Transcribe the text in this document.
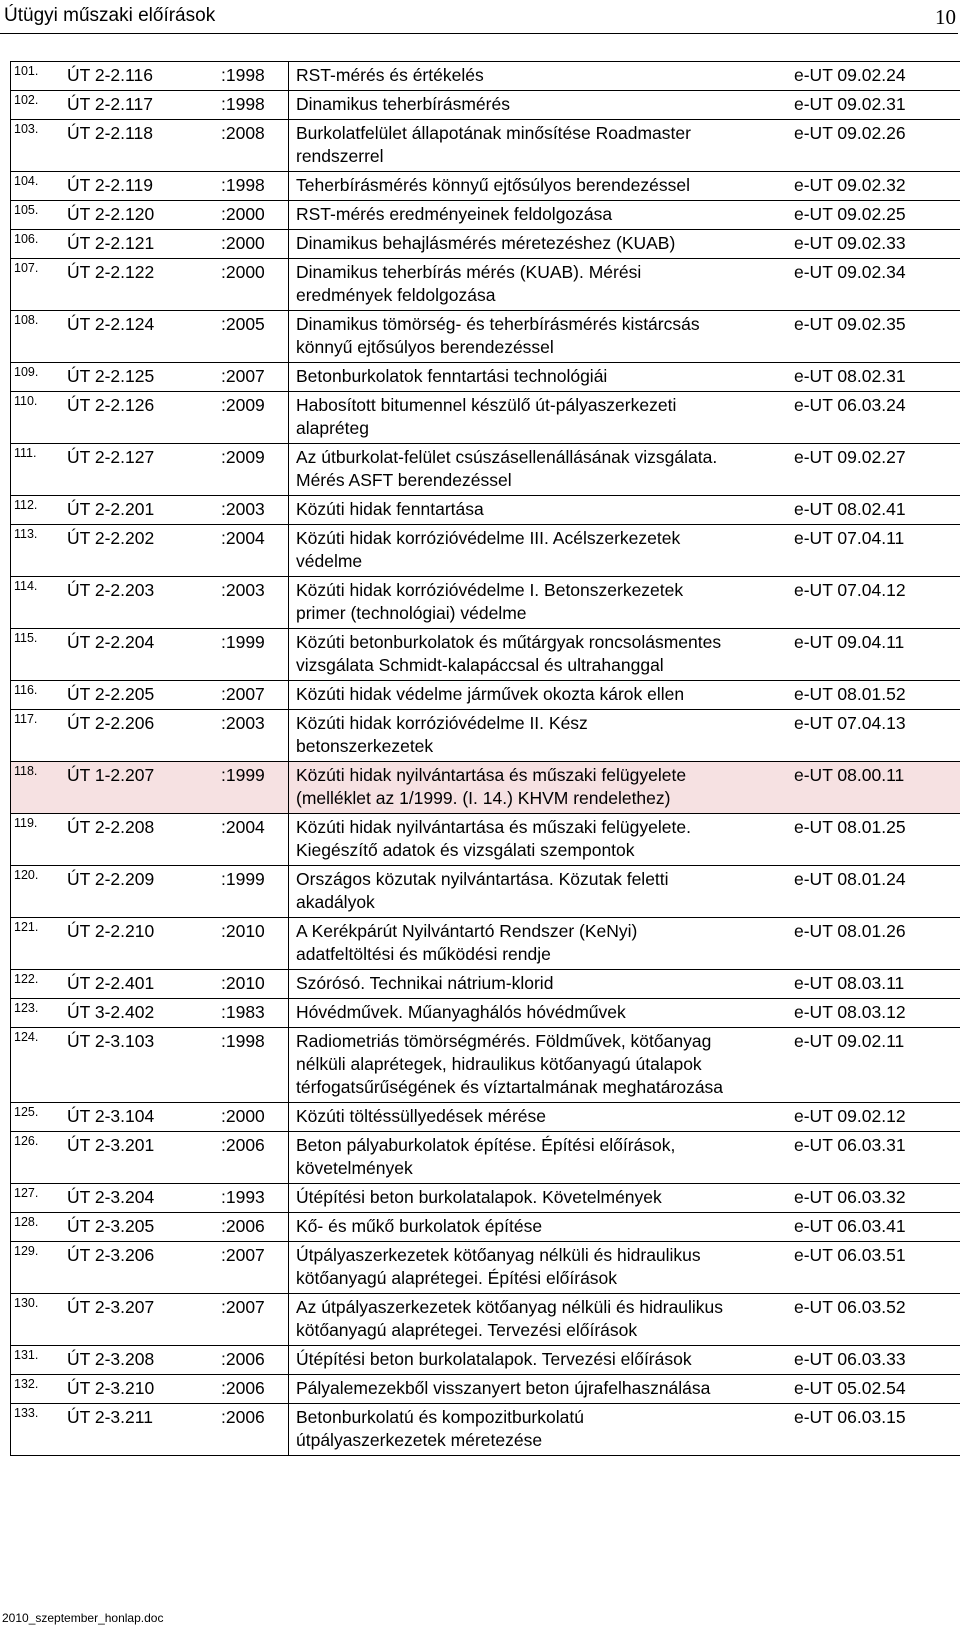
Útügyi műszaki előírások	10
101.	ÚT 2-2.116	:1998	RST-mérés és értékelés	e-UT 09.02.24
102.	ÚT 2-2.117	:1998	Dinamikus teherbírásmérés	e-UT 09.02.31
103.	ÚT 2-2.118	:2008	Burkolatfelület állapotának minősítése Roadmaster
rendszerrel	e-UT 09.02.26
104.	ÚT 2-2.119	:1998	Teherbírásmérés könnyű ejtősúlyos berendezéssel	e-UT 09.02.32
105.	ÚT 2-2.120	:2000	RST-mérés eredményeinek feldolgozása	e-UT 09.02.25
106.	ÚT 2-2.121	:2000	Dinamikus behajlásmérés méretezéshez (KUAB)	e-UT 09.02.33
107.	ÚT 2-2.122	:2000	Dinamikus teherbírás mérés (KUAB). Mérési
eredmények feldolgozása	e-UT 09.02.34
108.	ÚT 2-2.124	:2005	Dinamikus tömörség- és teherbírásmérés kistárcsás
könnyű ejtősúlyos berendezéssel	e-UT 09.02.35
109.	ÚT 2-2.125	:2007	Betonburkolatok fenntartási technológiái	e-UT 08.02.31
110.	ÚT 2-2.126	:2009	Habosított bitumennel készülő út-pályaszerkezeti
alapréteg	e-UT 06.03.24
111.	ÚT 2-2.127	:2009	Az útburkolat-felület csúszásellenállásának vizsgálata.
Mérés ASFT berendezéssel	e-UT 09.02.27
112.	ÚT 2-2.201	:2003	Közúti hidak fenntartása	e-UT 08.02.41
113.	ÚT 2-2.202	:2004	Közúti hidak korrózióvédelme III. Acélszerkezetek
védelme	e-UT 07.04.11
114.	ÚT 2-2.203	:2003	Közúti hidak korrózióvédelme I. Betonszerkezetek
primer (technológiai) védelme	e-UT 07.04.12
115.	ÚT 2-2.204	:1999	Közúti betonburkolatok és műtárgyak roncsolásmentes
vizsgálata Schmidt-kalapáccsal és ultrahanggal	e-UT 09.04.11
116.	ÚT 2-2.205	:2007	Közúti hidak védelme járművek okozta károk ellen	e-UT 08.01.52
117.	ÚT 2-2.206	:2003	Közúti hidak korrózióvédelme II. Kész
betonszerkezetek	e-UT 07.04.13
118.	ÚT 1-2.207	:1999	Közúti hidak nyilvántartása és műszaki felügyelete
(melléklet az 1/1999. (I. 14.) KHVM rendelethez)	e-UT 08.00.11
119.	ÚT 2-2.208	:2004	Közúti hidak nyilvántartása és műszaki felügyelete.
Kiegészítő adatok és vizsgálati szempontok	e-UT 08.01.25
120.	ÚT 2-2.209	:1999	Országos közutak nyilvántartása. Közutak feletti
akadályok	e-UT 08.01.24
121.	ÚT 2-2.210	:2010	A Kerékpárút Nyilvántartó Rendszer (KeNyi)
adatfeltöltési és működési rendje	e-UT 08.01.26
122.	ÚT 2-2.401	:2010	Szórósó. Technikai nátrium-klorid	e-UT 08.03.11
123.	ÚT 3-2.402	:1983	Hóvédművek. Műanyaghálós hóvédművek	e-UT 08.03.12
124.	ÚT 2-3.103	:1998	Radiometriás tömörségmérés. Földművek, kötőanyag
nélküli alaprétegek, hidraulikus kötőanyagú útalapok
térfogatsűrűségének és víztartalmának meghatározása	e-UT 09.02.11
125.	ÚT 2-3.104	:2000	Közúti töltéssüllyedések mérése	e-UT 09.02.12
126.	ÚT 2-3.201	:2006	Beton pályaburkolatok építése. Építési előírások,
követelmények	e-UT 06.03.31
127.	ÚT 2-3.204	:1993	Útépítési beton burkolatalapok. Követelmények	e-UT 06.03.32
128.	ÚT 2-3.205	:2006	Kő- és műkő burkolatok építése	e-UT 06.03.41
129.	ÚT 2-3.206	:2007	Útpályaszerkezetek kötőanyag nélküli és hidraulikus
kötőanyagú alaprétegei. Építési előírások	e-UT 06.03.51
130.	ÚT 2-3.207	:2007	Az útpályaszerkezetek kötőanyag nélküli és hidraulikus
kötőanyagú alaprétegei. Tervezési előírások	e-UT 06.03.52
131.	ÚT 2-3.208	:2006	Útépítési beton burkolatalapok. Tervezési előírások	e-UT 06.03.33
132.	ÚT 2-3.210	:2006	Pályalemezekből visszanyert beton újrafelhasználása	e-UT 05.02.54
133.	ÚT 2-3.211	:2006	Betonburkolatú és kompozitburkolatú
útpályaszerkezetek méretezése	e-UT 06.03.15
2010_szeptember_honlap.doc
